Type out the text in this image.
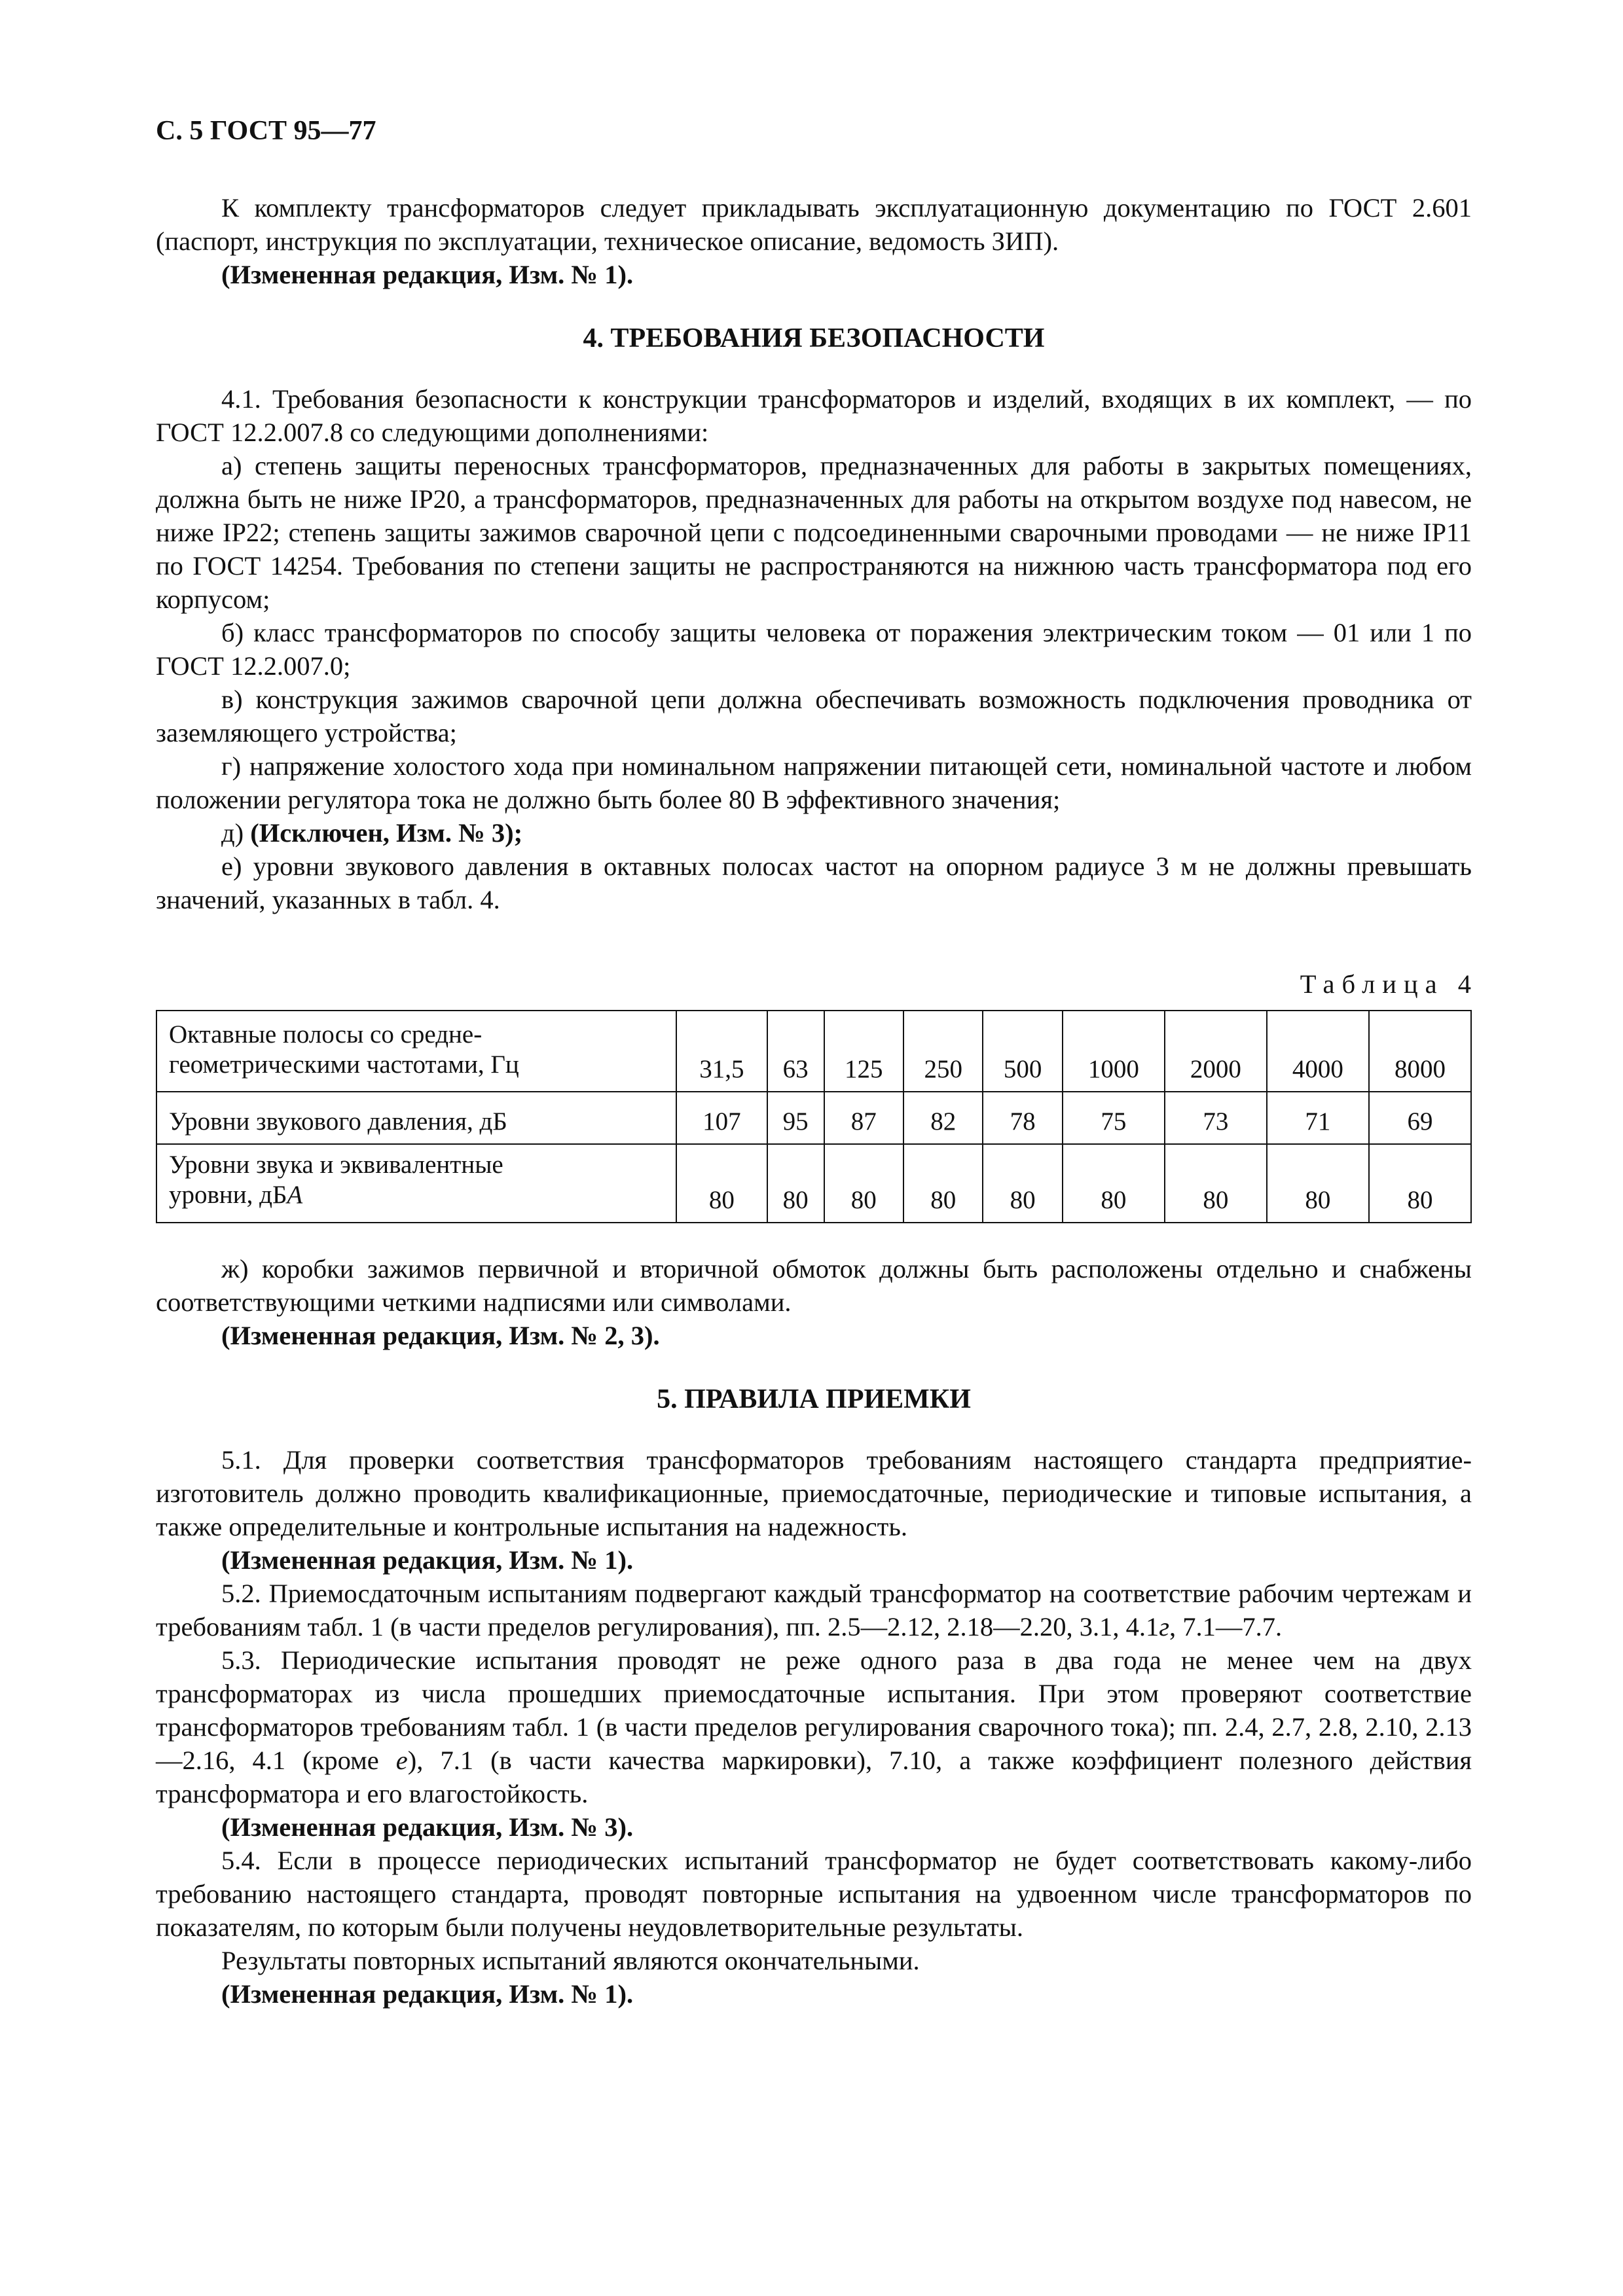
С. 5 ГОСТ 95—77

К комплекту трансформаторов следует прикладывать эксплуатационную документацию по ГОСТ 2.601 (паспорт, инструкция по эксплуатации, техническое описание, ведомость ЗИП).

(Измененная редакция, Изм. № 1).

4. ТРЕБОВАНИЯ БЕЗОПАСНОСТИ

4.1. Требования безопасности к конструкции трансформаторов и изделий, входящих в их комплект, — по ГОСТ 12.2.007.8 со следующими дополнениями:

а) степень защиты переносных трансформаторов, предназначенных для работы в закрытых помещениях, должна быть не ниже IP20, а трансформаторов, предназначенных для работы на открытом воздухе под навесом, не ниже IP22; степень защиты зажимов сварочной цепи с подсоединенными сварочными проводами — не ниже IP11 по ГОСТ 14254. Требования по степени защиты не распространяются на нижнюю часть трансформатора под его корпусом;

б) класс трансформаторов по способу защиты человека от поражения электрическим током — 01 или 1 по ГОСТ 12.2.007.0;

в) конструкция зажимов сварочной цепи должна обеспечивать возможность подключения проводника от заземляющего устройства;

г) напряжение холостого хода при номинальном напряжении питающей сети, номинальной частоте и любом положении регулятора тока не должно быть более 80 В эффективного значения;

д) (Исключен, Изм. № 3);

е) уровни звукового давления в октавных полосах частот на опорном радиусе 3 м не должны превышать значений, указанных в табл. 4.

Таблица 4

Октавные полосы со средне-
геометрическими частотами, Гц	31,5	63	125	250	500	1000	2000	4000	8000
Уровни звукового давления, дБ	107	95	87	82	78	75	73	71	69
Уровни звука и эквивалентные
уровни, дБА	80	80	80	80	80	80	80	80	80

ж) коробки зажимов первичной и вторичной обмоток должны быть расположены отдельно и снабжены соответствующими четкими надписями или символами.

(Измененная редакция, Изм. № 2, 3).

5. ПРАВИЛА ПРИЕМКИ

5.1. Для проверки соответствия трансформаторов требованиям настоящего стандарта предприятие-изготовитель должно проводить квалификационные, приемосдаточные, периодические и типовые испытания, а также определительные и контрольные испытания на надежность.

(Измененная редакция, Изм. № 1).

5.2. Приемосдаточным испытаниям подвергают каждый трансформатор на соответствие рабочим чертежам и требованиям табл. 1 (в части пределов регулирования), пп. 2.5—2.12, 2.18—2.20, 3.1, 4.1г, 7.1—7.7.

5.3. Периодические испытания проводят не реже одного раза в два года не менее чем на двух трансформаторах из числа прошедших приемосдаточные испытания. При этом проверяют соответствие трансформаторов требованиям табл. 1 (в части пределов регулирования сварочного тока); пп. 2.4, 2.7, 2.8, 2.10, 2.13—2.16, 4.1 (кроме е), 7.1 (в части качества маркировки), 7.10, а также коэффициент полезного действия трансформатора и его влагостойкость.

(Измененная редакция, Изм. № 3).

5.4. Если в процессе периодических испытаний трансформатор не будет соответствовать какому-либо требованию настоящего стандарта, проводят повторные испытания на удвоенном числе трансформаторов по показателям, по которым были получены неудовлетворительные результаты.

Результаты повторных испытаний являются окончательными.

(Измененная редакция, Изм. № 1).
